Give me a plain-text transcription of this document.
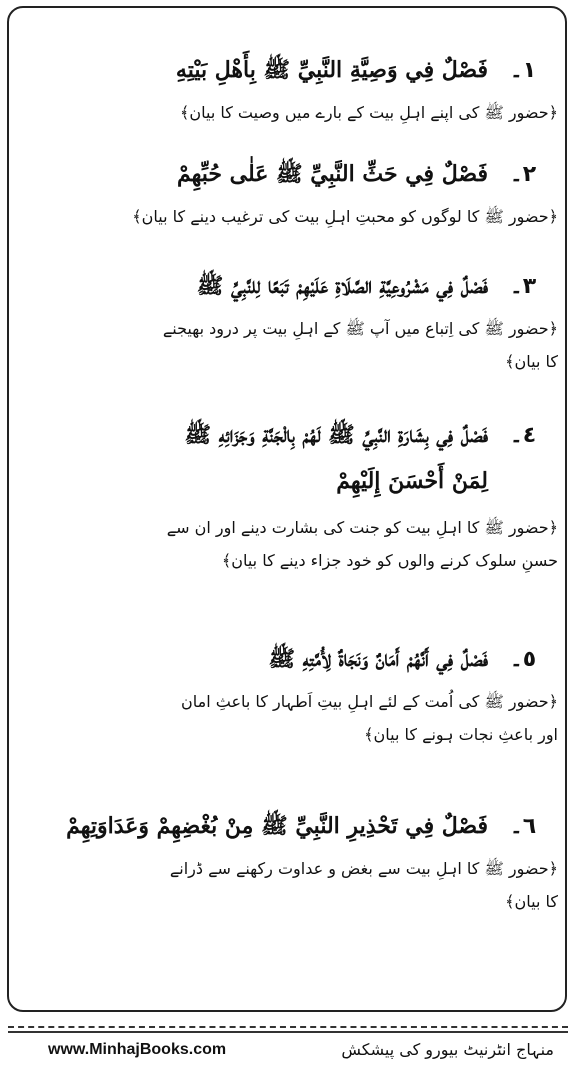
١۔
فَصْلٌ فِي وَصِيَّةِ النَّبِيِّ ﷺ بِأَهْلِ بَيْتِهِ
﴿حضور ﷺ کی اپنے اہلِ بیت کے بارے میں وصیت کا بیان﴾
٢۔
فَصْلٌ فِي حَثِّ النَّبِيِّ ﷺ عَلٰى حُبِّهِمْ
﴿حضور ﷺ کا لوگوں کو محبتِ اہلِ بیت کی ترغیب دینے کا بیان﴾
٣۔
فَصْلٌ فِي مَشْرُوعِيَّةِ الصَّلَاةِ عَلَيْهِمْ تَبَعًا لِلنَّبِيِّ ﷺ
﴿حضور ﷺ کی اِتباع میں آپ ﷺ کے اہلِ بیت پر درود بھیجنے
کا بیان﴾
٤۔
فَصْلٌ فِي بِشَارَةِ النَّبِيِّ ﷺ لَهُمْ بِالْجَنَّةِ وَجَزَائِهِ ﷺ
لِمَنْ أَحْسَنَ إِلَيْهِمْ
﴿حضور ﷺ کا اہلِ بیت کو جنت کی بشارت دینے اور ان سے
حسنِ سلوک کرنے والوں کو خود جزاء دینے کا بیان﴾
٥۔
فَصْلٌ فِي أَنَّهُمْ أَمَانٌ وَنَجَاةٌ لِأُمَّتِهِ ﷺ
﴿حضور ﷺ کی اُمت کے لئے اہلِ بیتِ اَطہار کا باعثِ امان
اور باعثِ نجات ہونے کا بیان﴾
٦۔
فَصْلٌ فِي تَحْذِيرِ النَّبِيِّ ﷺ مِنْ بُغْضِهِمْ وَعَدَاوَتِهِمْ
﴿حضور ﷺ کا اہلِ بیت سے بغض و عداوت رکھنے سے ڈرانے
کا بیان﴾
www.MinhajBooks.com	منہاج انٹرنیٹ بیورو کی پیشکش
